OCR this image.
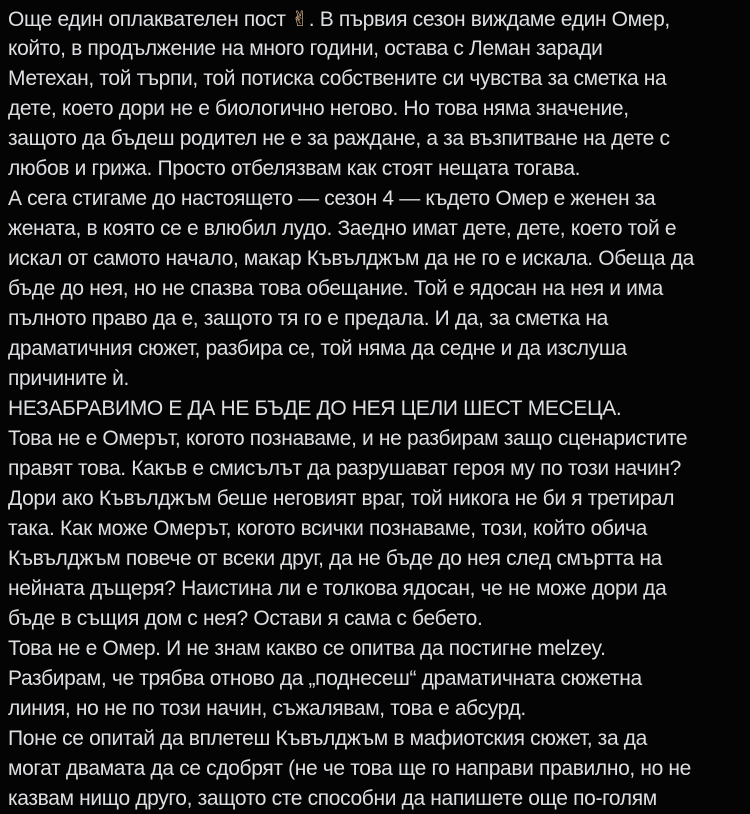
Още един оплаквателен пост ✌. В първия сезон виждаме един Омер,
който, в продължение на много години, остава с Леман заради
Метехан, той търпи, той потиска собствените си чувства за сметка на
дете, което дори не е биологично негово. Но това няма значение,
защото да бъдеш родител не е за раждане, а за възпитване на дете с
любов и грижа. Просто отбелязвам как стоят нещата тогава.
А сега стигаме до настоящето — сезон 4 — където Омер е женен за
жената, в която се е влюбил лудо. Заедно имат дете, дете, което той е
искал от самото начало, макар Къвълджъм да не го е искала. Обеща да
бъде до нея, но не спазва това обещание. Той е ядосан на нея и има
пълното право да е, защото тя го е предала. И да, за сметка на
драматичния сюжет, разбира се, той няма да седне и да изслуша
причините ѝ.
НЕЗАБРАВИМО Е ДА НЕ БЪДЕ ДО НЕЯ ЦЕЛИ ШЕСТ МЕСЕЦА.
Това не е Омерът, когото познаваме, и не разбирам защо сценаристите
правят това. Какъв е смисълът да разрушават героя му по този начин?
Дори ако Къвълджъм беше неговият враг, той никога не би я третирал
така. Как може Омерът, когото всички познаваме, този, който обича
Къвълджъм повече от всеки друг, да не бъде до нея след смъртта на
нейната дъщеря? Наистина ли е толкова ядосан, че не може дори да
бъде в същия дом с нея? Остави я сама с бебето.
Това не е Омер. И не знам какво се опитва да постигне melzey.
Разбирам, че трябва отново да „поднесеш“ драматичната сюжетна
линия, но не по този начин, съжалявам, това е абсурд.
Поне се опитай да вплетеш Къвълджъм в мафиотския сюжет, за да
могат двамата да се сдобрят (не че това ще го направи правилно, но не
казвам нищо друго, защото сте способни да напишете още по-голям
